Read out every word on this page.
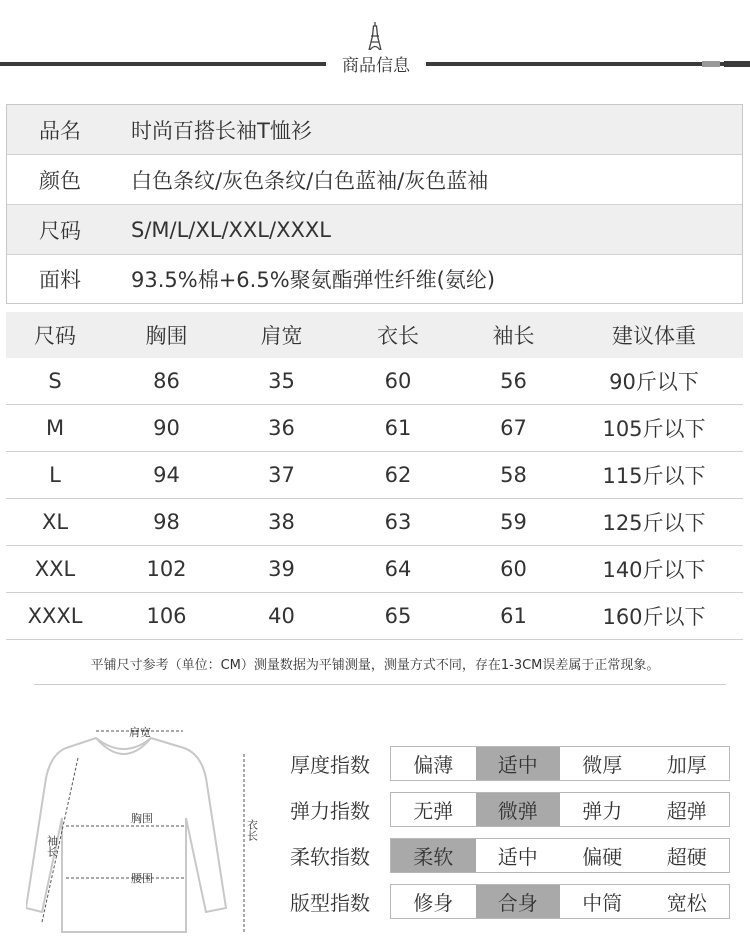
商品信息
品名	时尚百搭长袖T恤衫
颜色	白色条纹/灰色条纹/白色蓝袖/灰色蓝袖
尺码	S/M/L/XL/XXL/XXXL
面料	93.5%棉+6.5%聚氨酯弹性纤维(氨纶)
尺码	胸围	肩宽	衣长	袖长	建议体重
S	86	35	60	56	90斤以下
M	90	36	61	67	105斤以下
L	94	37	62	58	115斤以下
XL	98	38	63	59	125斤以下
XXL	102	39	64	60	140斤以下
XXXL	106	40	65	61	160斤以下
平铺尺寸参考（单位：CM）测量数据为平铺测量，测量方式不同，存在1-3CM误差属于正常现象。
肩宽
胸围
腰围
袖长
衣长
厚度指数	偏薄	适中	微厚	加厚
弹力指数	无弹	微弹	弹力	超弹
柔软指数	柔软	适中	偏硬	超硬
版型指数	修身	合身	中筒	宽松
